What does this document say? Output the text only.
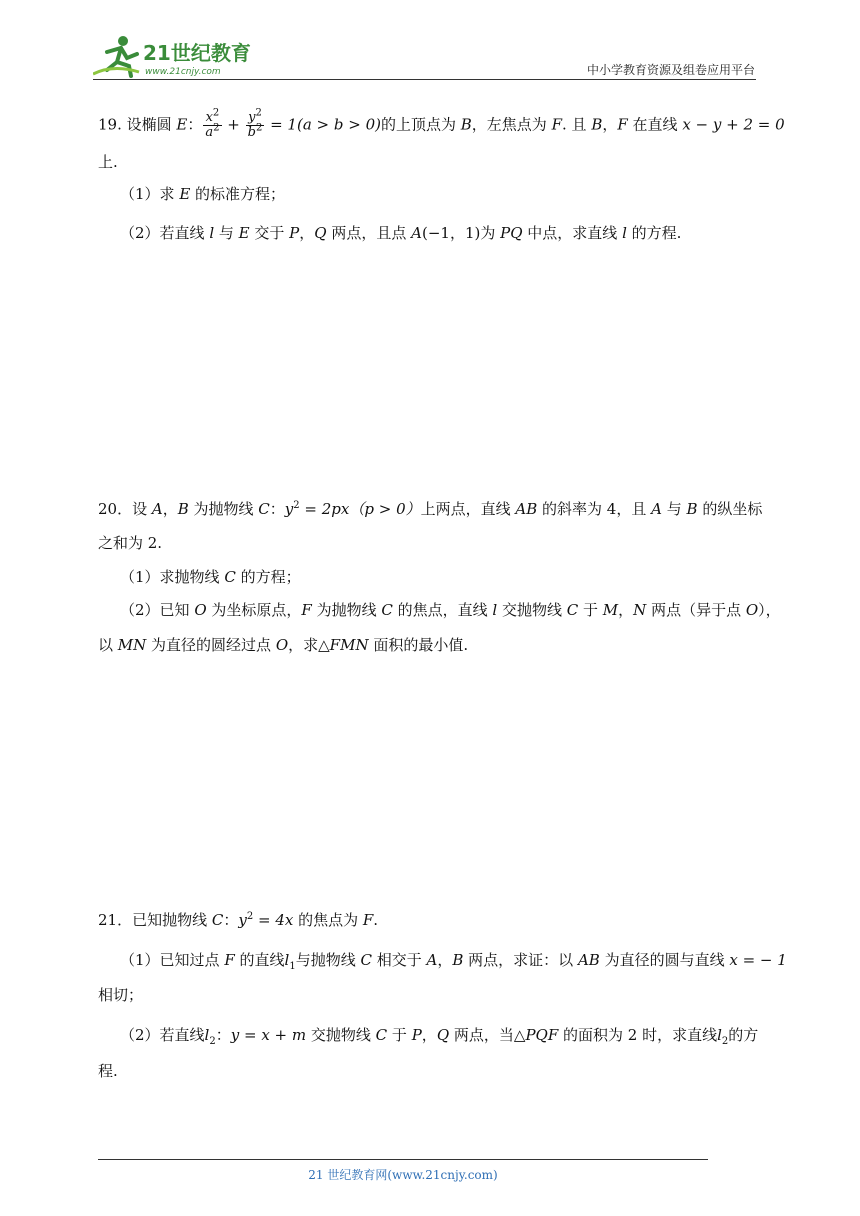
21世纪教育
www.21cnjy.com	中小学教育资源及组卷应用平台
19. 设椭圆 E： $\frac{x^2}{a^2} + \frac{y^2}{b^2} = 1(a > b > 0)$的上顶点为 B，左焦点为 F. 且 B，F 在直线 x − y + 2 = 0
上.
（1）求 E 的标准方程；
（2）若直线 l 与 E 交于 P，Q 两点，且点 A(−1，1)为 PQ 中点，求直线 l 的方程.
20．设 A，B 为抛物线 C：$y^2 = 2px(p > 0)$上两点，直线 AB 的斜率为 4，且 A 与 B 的纵坐标
之和为 2.
（1）求抛物线 C 的方程；
（2）已知 O 为坐标原点，F 为抛物线 C 的焦点，直线 l 交抛物线 C 于 M，N 两点（异于点 O），
以 MN 为直径的圆经过点 O，求△FMN 面积的最小值.
21．已知抛物线 C：$y^2 = 4x$ 的焦点为 F.
（1）已知过点 F 的直线$l_1$与抛物线 C 相交于 A，B 两点，求证：以 AB 为直径的圆与直线 x = − 1
相切；
（2）若直线$l_2$：y = x + m 交抛物线 C 于 P，Q 两点，当△PQF 的面积为 2 时，求直线$l_2$的方
程.
21 世纪教育网(www.21cnjy.com)
